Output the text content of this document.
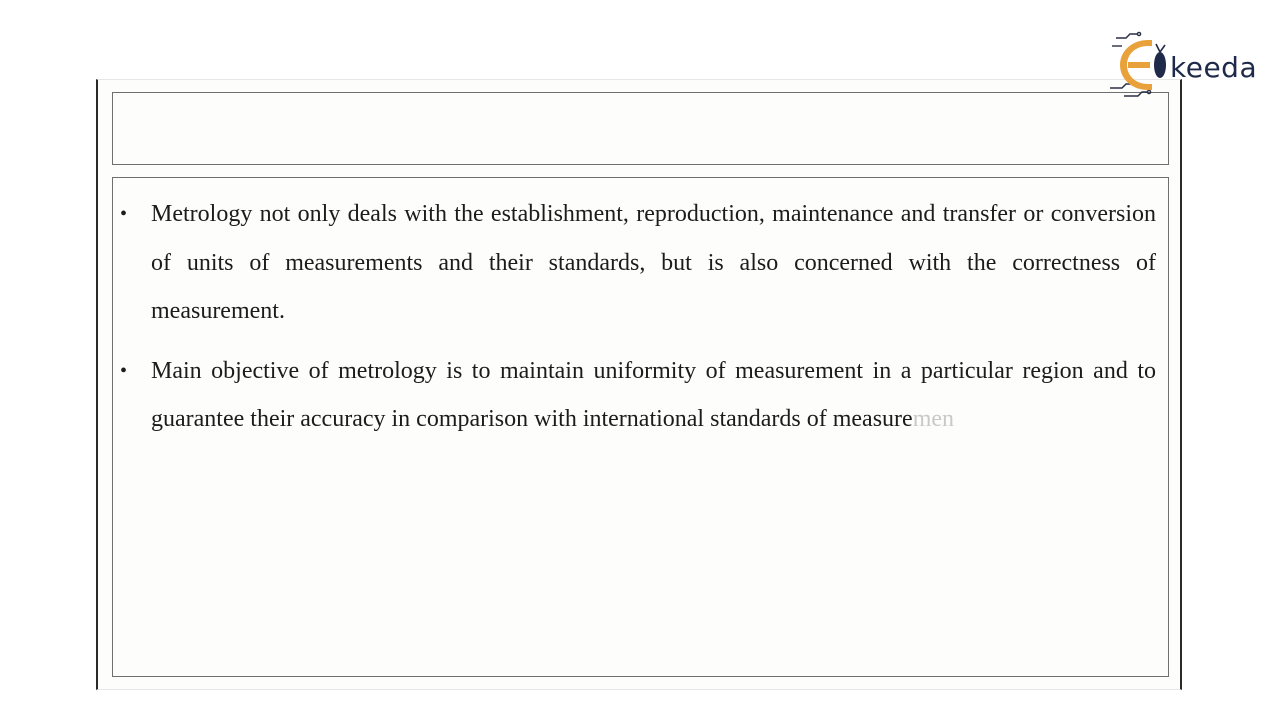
• Metrology not only deals with the establishment, reproduction, maintenance and transfer or conversion of units of measurements and their standards, but is also concerned with the correctness of measurement.
• Main objective of metrology is to maintain uniformity of measurement in a particular region and to guarantee their accuracy in comparison with international standards of measuremen
keeda
